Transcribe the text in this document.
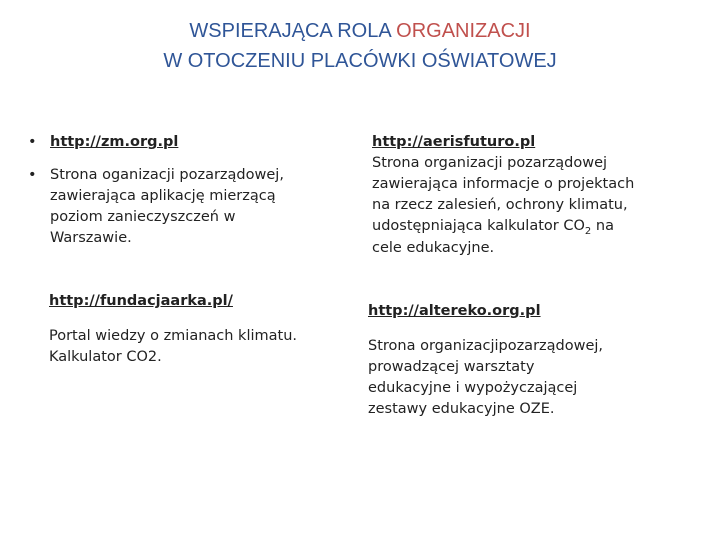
WSPIERAJĄCA ROLA ORGANIZACJI
W OTOCZENIU PLACÓWKI OŚWIATOWEJ
• http://zm.org.pl
• Strona oganizacji pozarządowej,
zawierająca aplikację mierzącą
poziom zanieczyszczeń w
Warszawie.
http://aerisfuturo.pl
Strona organizacji pozarządowej
zawierająca informacje o projektach
na rzecz zalesień, ochrony klimatu,
udostępniająca kalkulator $CO_2$ na
cele edukacyjne.
http://fundacjaarka.pl/
Portal wiedzy o zmianach klimatu.
Kalkulator CO2.
http://altereko.org.pl
Strona organizacjipozarządowej,
prowadzącej warsztaty
edukacyjne i wypożyczającej
zestawy edukacyjne OZE.
